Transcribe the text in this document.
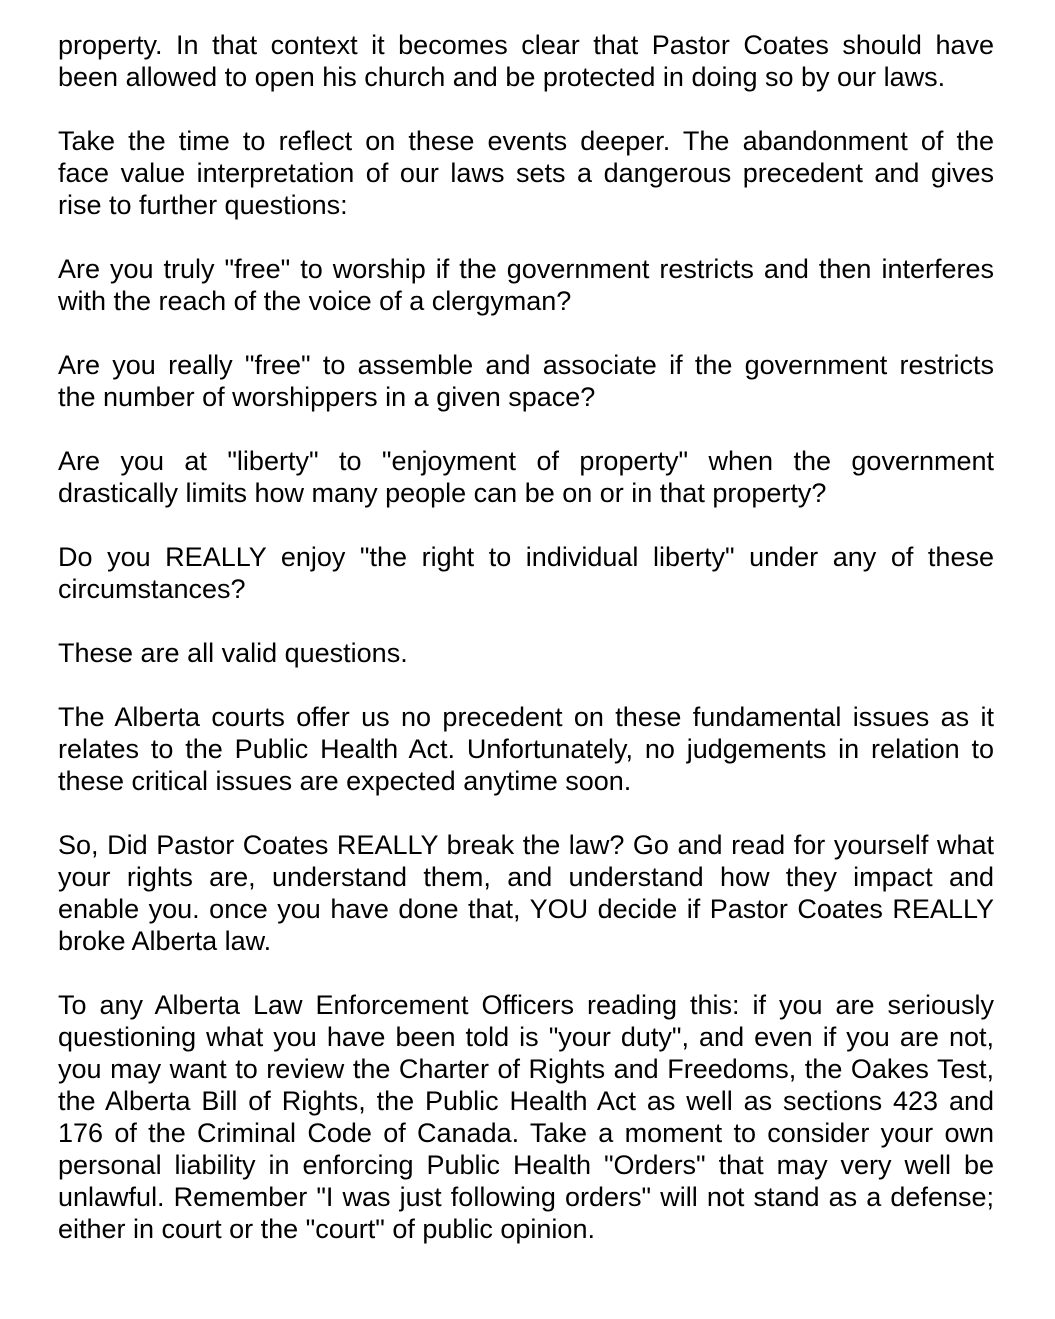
property. In that context it becomes clear that Pastor Coates should have
been allowed to open his church and be protected in doing so by our laws.
Take the time to reflect on these events deeper. The abandonment of the
face value interpretation of our laws sets a dangerous precedent and gives
rise to further questions:
Are you truly "free" to worship if the government restricts and then interferes
with the reach of the voice of a clergyman?
Are you really "free" to assemble and associate if the government restricts
the number of worshippers in a given space?
Are you at "liberty" to "enjoyment of property" when the government
drastically limits how many people can be on or in that property?
Do you REALLY enjoy "the right to individual liberty" under any of these
circumstances?
These are all valid questions.
The Alberta courts offer us no precedent on these fundamental issues as it
relates to the Public Health Act. Unfortunately, no judgements in relation to
these critical issues are expected anytime soon.
So, Did Pastor Coates REALLY break the law? Go and read for yourself what
your rights are, understand them, and understand how they impact and
enable you. once you have done that, YOU decide if Pastor Coates REALLY
broke Alberta law.
To any Alberta Law Enforcement Officers reading this: if you are seriously
questioning what you have been told is "your duty", and even if you are not,
you may want to review the Charter of Rights and Freedoms, the Oakes Test,
the Alberta Bill of Rights, the Public Health Act as well as sections 423 and
176 of the Criminal Code of Canada. Take a moment to consider your own
personal liability in enforcing Public Health "Orders" that may very well be
unlawful. Remember "I was just following orders" will not stand as a defense;
either in court or the "court" of public opinion.
